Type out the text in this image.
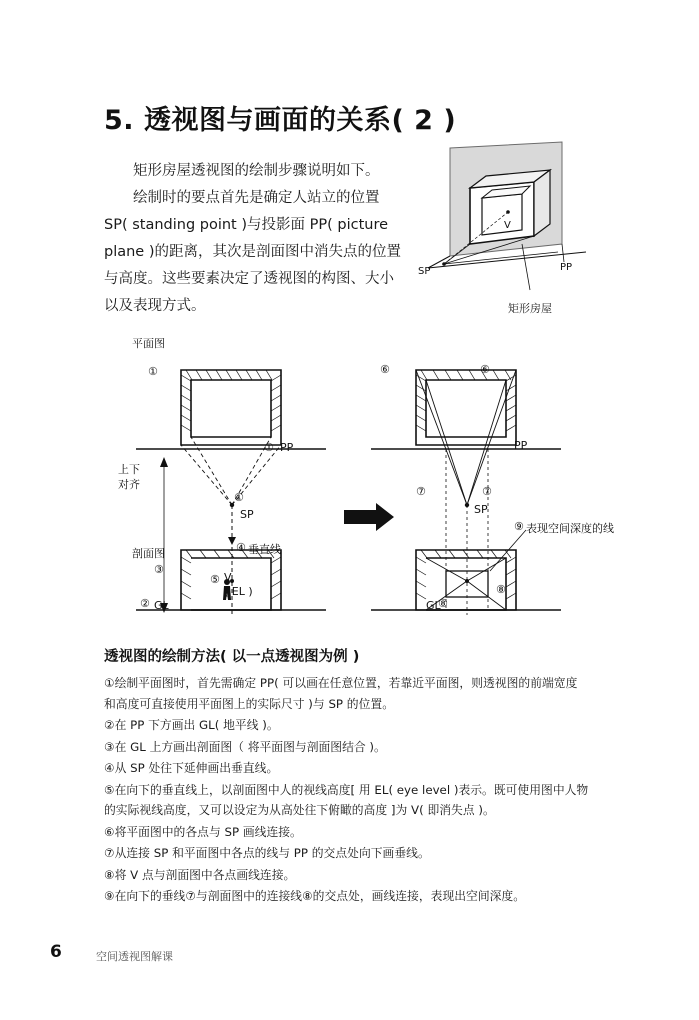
5. 透视图与画面的关系( 2 )

矩形房屋透视图的绘制步骤说明如下。

绘制时的要点首先是确定人站立的位置 SP( standing point )与投影面 PP( picture plane )的距离，其次是剖面图中消失点的位置与高度。这些要素决定了透视图的构图、大小以及表现方式。

V
SP	PP
矩形房屋
平面图
①
① PP	PP
上下
对齐
①
SP	SP
④ 垂直线
剖面图
③
② GL	GL
⑤ V
( EL )
⑥	⑥
⑦	⑦
⑧
⑧
⑨ 表现空间深度的线
透视图的绘制方法( 以一点透视图为例 )
①绘制平面图时，首先需确定 PP( 可以画在任意位置，若靠近平面图，则透视图的前端宽度和高度可直接使用平面图上的实际尺寸 )与 SP 的位置。
②在 PP 下方画出 GL( 地平线 )。
③在 GL 上方画出剖面图（ 将平面图与剖面图结合 )。
④从 SP 处往下延伸画出垂直线。
⑤在向下的垂直线上，以剖面图中人的视线高度[ 用 EL( eye level )表示。既可使用图中人物的实际视线高度，又可以设定为从高处往下俯瞰的高度 ]为 V( 即消失点 )。
⑥将平面图中的各点与 SP 画线连接。
⑦从连接 SP 和平面图中各点的线与 PP 的交点处向下画垂线。
⑧将 V 点与剖面图中各点画线连接。
⑨在向下的垂线⑦与剖面图中的连接线⑧的交点处，画线连接，表现出空间深度。
6	空间透视图解课
